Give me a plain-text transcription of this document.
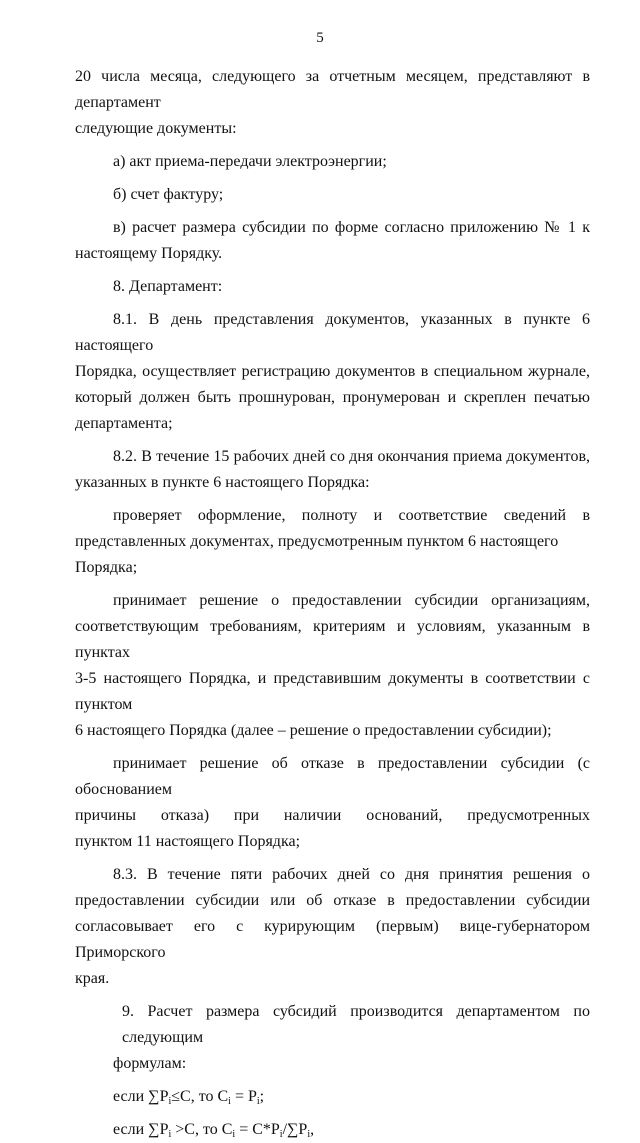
5

20 числа месяца, следующего за отчетным месяцем, представляют в департамент

следующие документы:

а) акт приема-передачи электроэнергии;

б) счет фактуру;

в) расчет размера субсидии по форме согласно приложению № 1 к

настоящему Порядку.

8. Департамент:

8.1. В день представления документов, указанных в пункте 6 настоящего

Порядка, осуществляет регистрацию документов в специальном журнале,

который должен быть прошнурован, пронумерован и скреплен печатью

департамента;

8.2. В течение 15 рабочих дней со дня окончания приема документов,

указанных в пункте 6 настоящего Порядка:

проверяет оформление, полноту и соответствие сведений в

представленных документах, предусмотренным пунктом 6 настоящего Порядка;

принимает решение о предоставлении субсидии организациям,

соответствующим требованиям, критериям и условиям, указанным в пунктах

3-5 настоящего Порядка, и представившим документы в соответствии с пунктом

6 настоящего Порядка (далее – решение о предоставлении субсидии);

принимает решение об отказе в предоставлении субсидии (с обоснованием

причины отказа) при наличии оснований, предусмотренных

пунктом 11 настоящего Порядка;

8.3. В течение пяти рабочих дней со дня принятия решения о

предоставлении субсидии или об отказе в предоставлении субсидии

согласовывает его с курирующим (первым) вице-губернатором Приморского

края.

9. Расчет размера субсидий производится департаментом по следующим

формулам:

если $\sum P_i\le C$, то $C_i = P_i$;

если $\sum P_i >C$, то $C_i = C*P_i/\sum P_i$,
